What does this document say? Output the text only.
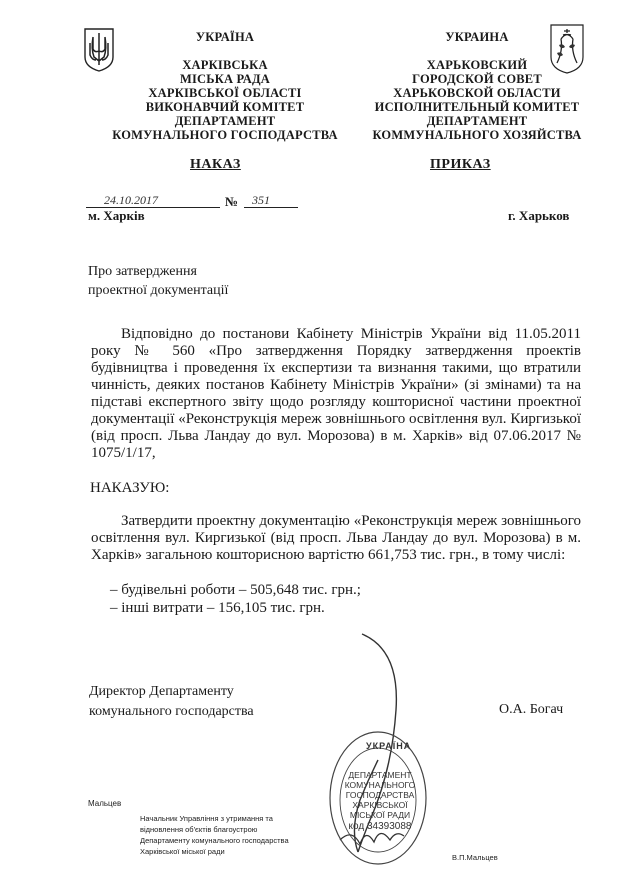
УКРАЇНА
ХАРКІВСЬКА
МІСЬКА РАДА
ХАРКІВСЬКОЇ ОБЛАСТІ
ВИКОНАВЧИЙ КОМІТЕТ
ДЕПАРТАМЕНТ
КОМУНАЛЬНОГО ГОСПОДАРСТВА
УКРАИНА
ХАРЬКОВСКИЙ
ГОРОДСКОЙ СОВЕТ
ХАРЬКОВСКОЙ ОБЛАСТИ
ИСПОЛНИТЕЛЬНЫЙ КОМИТЕТ
ДЕПАРТАМЕНТ
КОММУНАЛЬНОГО ХОЗЯЙСТВА
НАКАЗ	ПРИКАЗ
24.10.2017	№ 351
м. Харків	г. Харьков
Про затвердження
проектної документації
Відповідно до постанови Кабінету Міністрів України від 11.05.2011 року № 560 «Про затвердження Порядку затвердження проектів будівництва і проведення їх експертизи та визнання такими, що втратили чинність, деяких постанов Кабінету Міністрів України» (зі змінами) та на підставі експертного звіту щодо розгляду кошторисної частини проектної документації «Реконструкція мереж зовнішнього освітлення вул. Киргизької (від просп. Льва Ландау до вул. Морозова) в м. Харків» від 07.06.2017 № 1075/1/17,
НАКАЗУЮ:
Затвердити проектну документацію «Реконструкція мереж зовнішнього освітлення вул. Киргизької (від просп. Льва Ландау до вул. Морозова) в м. Харків» загальною кошторисною вартістю 661,753 тис. грн., в тому числі:
– будівельні роботи – 505,648 тис. грн.;
– інші витрати – 156,105 тис. грн.
Директор Департаменту
комунального господарства	О.А. Богач
УКРАЇНА
ДЕПАРТАМЕНТ
КОМУНАЛЬНОГО
ГОСПОДАРСТВА
ХАРКІВСЬКОЇ
МІСЬКОЇ РАДИ
код 34393088
Мальцев
Начальник Управління з утримання та
відновлення об'єктів благоустрою
Департаменту комунального господарства
Харківської міської ради
В.П.Мальцев
